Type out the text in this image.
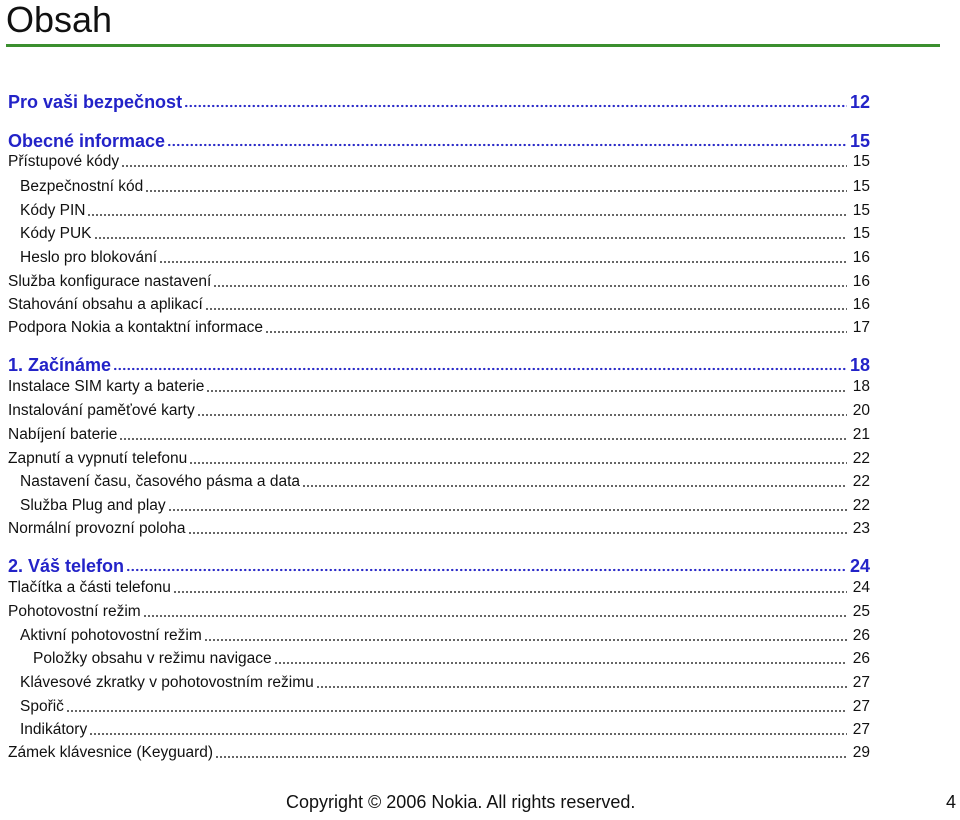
Obsah
Pro vaši bezpečnost	12
Obecné informace	15
Přístupové kódy	15
Bezpečnostní kód	15
Kódy PIN	15
Kódy PUK	15
Heslo pro blokování	16
Služba konfigurace nastavení	16
Stahování obsahu a aplikací	16
Podpora Nokia a kontaktní informace	17
1. Začínáme	18
Instalace SIM karty a baterie	18
Instalování paměťové karty	20
Nabíjení baterie	21
Zapnutí a vypnutí telefonu	22
Nastavení času, časového pásma a data	22
Služba Plug and play	22
Normální provozní poloha	23
2. Váš telefon	24
Tlačítka a části telefonu	24
Pohotovostní režim	25
Aktivní pohotovostní režim	26
Položky obsahu v režimu navigace	26
Klávesové zkratky v pohotovostním režimu	27
Spořič	27
Indikátory	27
Zámek klávesnice (Keyguard)	29
Copyright © 2006 Nokia. All rights reserved.	4
